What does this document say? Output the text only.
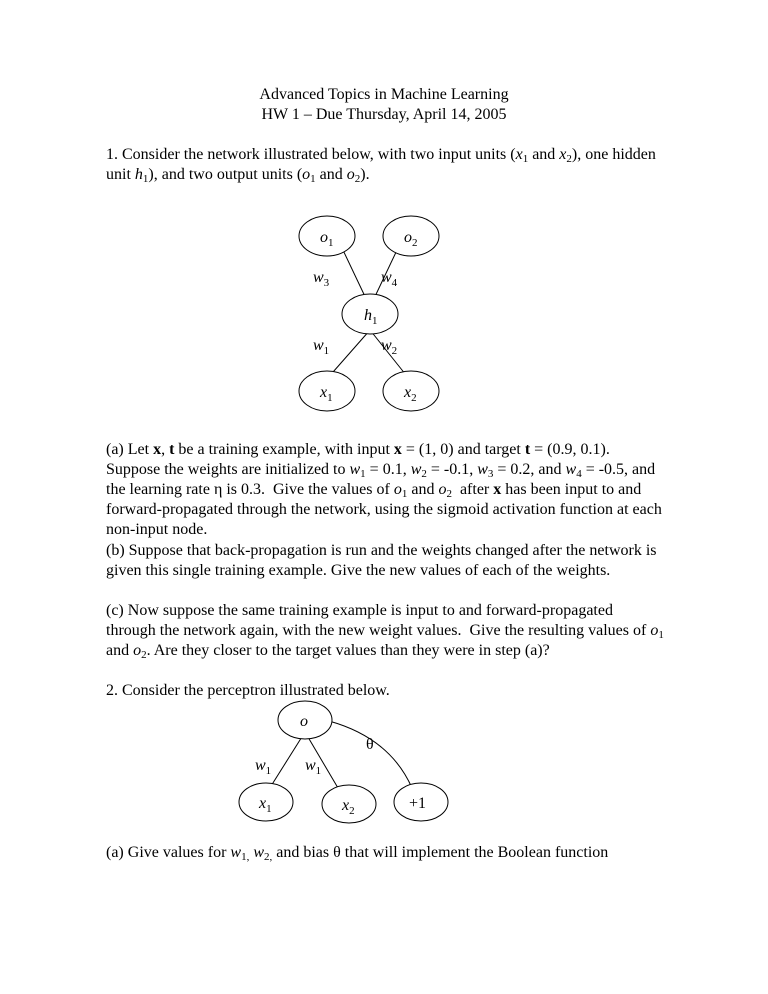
Advanced Topics in Machine Learning
HW 1 – Due Thursday, April 14, 2005
1. Consider the network illustrated below, with two input units ($x_1$ and $x_2$), one hidden unit $h_1$), and two output units ($o_1$ and $o_2$).
$o_1$	$o_2$
$h_1$
$x_1$	$x_2$
$w_3$	$w_4$
$w_1$	$w_2$
o
θ
$w_1$ $w_1$
$x_1$	$x_2$	+1
(a) Let x, t be a training example, with input x = (1, 0) and target t = (0.9, 0.1).   Suppose the weights are initialized to $w_1 = 0.1$, $w_2 = -0.1$, $w_3 = 0.2$, and $w_4 = -0.5$, and the learning rate η is 0.3.  Give the values of $o_1$ and $o_2$  after x has been input to and forward-propagated through the network, using the sigmoid activation function at each non-input node.
(b) Suppose that back-propagation is run and the weights changed after the network is given this single training example. Give the new values of each of the weights.
(c) Now suppose the same training example is input to and forward-propagated through the network again, with the new weight values.  Give the resulting values of $o_1$ and $o_2$. Are they closer to the target values than they were in step (a)?
2. Consider the perceptron illustrated below.
(a) Give values for $w_{1,}$ $w_{2,}$ and bias θ that will implement the Boolean function
